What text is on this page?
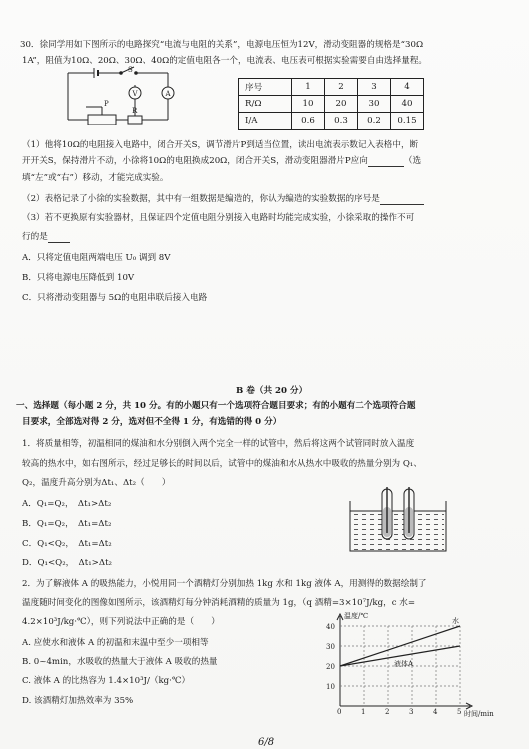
30．徐同学用如下图所示的电路探究“电流与电阻的关系”，电源电压恒为12V，滑动变阻器的规格是“30Ω
1A”，阻值为10Ω、20Ω、30Ω、40Ω的定值电阻各一个，电流表、电压表可根据实验需要自由选择量程。
S
P
V	A
R
序号	1	2	3	4
R/Ω	10	20	30	40
I/A	0.6	0.3	0.2	0.15
（1）他将10Ω的电阻接入电路中，闭合开关S，调节滑片P到适当位置，读出电流表示数记入表格中，断
开开关S，保持滑片不动，小徐将10Ω的电阻换成20Ω，闭合开关S，滑动变阻器滑片P应向	（选
填“左”或“右”）移动，才能完成实验。
（2）表格记录了小徐的实验数据，其中有一组数据是编造的，你认为编造的实验数据的序号是
（3）若不更换原有实验器材，且保证四个定值电阻分别接入电路时均能完成实验，小徐采取的操作不可
行的是
A．只将定值电阻两端电压 U₀ 调到 8V
B．只将电源电压降低到 10V
C．只将滑动变阻器与 5Ω的电阻串联后接入电路
B 卷（共 20 分）
一、选择题（每小题 2 分，共 10 分。有的小题只有一个选项符合题目要求；有的小题有二个选项符合题
目要求，全部选对得 2 分，选对但不全得 1 分，有选错的得 0 分）
1．将质量相等，初温相同的煤油和水分别倒入两个完全一样的试管中，然后将这两个试管同时放入温度
较高的热水中，如右图所示，经过足够长的时间以后，试管中的煤油和水从热水中吸收的热量分别为 Q₁、
Q₂，温度升高分别为Δt₁、Δt₂（　　）
A．Q₁=Q₂，　Δt₁>Δt₂
B．Q₁=Q₂，　Δt₁=Δt₂
C．Q₁<Q₂，　Δt₁=Δt₂
D．Q₁<Q₂，　Δt₁>Δt₂
2．为了解液体 A 的吸热能力，小悦用同一个酒精灯分别加热 1kg 水和 1kg 液体 A，用测得的数据绘制了
温度随时间变化的图像如图所示，该酒精灯每分钟消耗酒精的质量为 1g，（q 酒精=3×10⁷J/kg，c 水=
4.2×10³J/kg·℃），则下列说法中正确的是（　　）
A. 应使水和液体 A 的初温和末温中至少一项相等
B. 0~4min，水吸收的热量大于液体 A 吸收的热量
C. 液体 A 的比热容为 1.4×10³J/（kg·℃）
D. 该酒精灯加热效率为 35%
温度/℃
时间/min
水
液体A
40
30
20
10
0	1	2	3	4	5
6/8
